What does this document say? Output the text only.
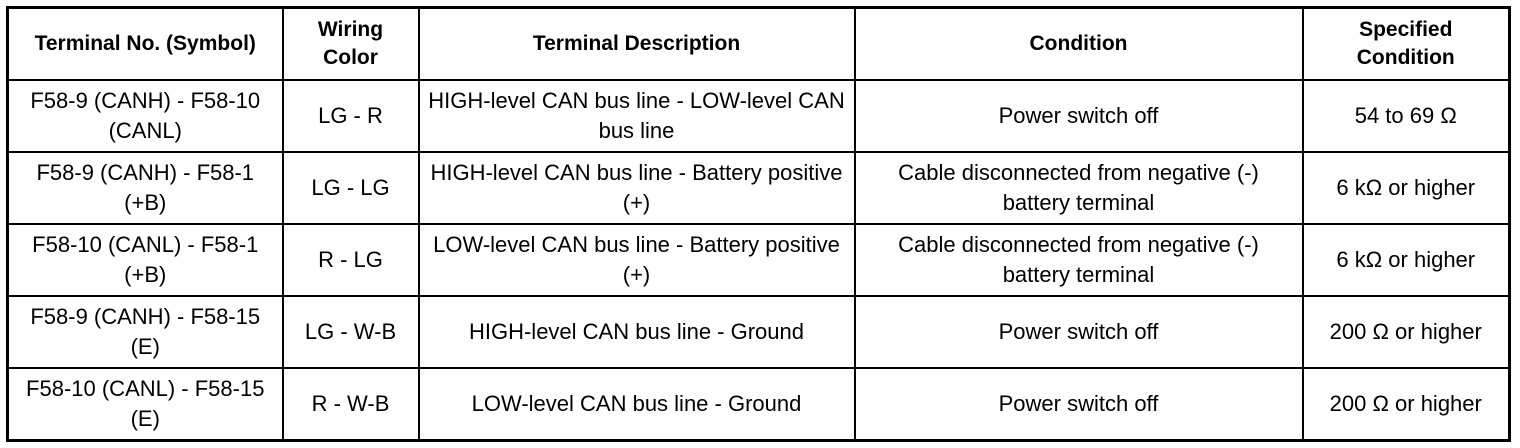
Terminal No. (Symbol)	Wiring Color	Terminal Description	Condition	Specified Condition
F58-9 (CANH) - F58-10 (CANL)	LG - R	HIGH-level CAN bus line - LOW-level CAN bus line	Power switch off	54 to 69 Ω
F58-9 (CANH) - F58-1 (+B)	LG - LG	HIGH-level CAN bus line - Battery positive (+)	Cable disconnected from negative (-) battery terminal	6 kΩ or higher
F58-10 (CANL) - F58-1 (+B)	R - LG	LOW-level CAN bus line - Battery positive (+)	Cable disconnected from negative (-) battery terminal	6 kΩ or higher
F58-9 (CANH) - F58-15 (E)	LG - W-B	HIGH-level CAN bus line - Ground	Power switch off	200 Ω or higher
F58-10 (CANL) - F58-15 (E)	R - W-B	LOW-level CAN bus line - Ground	Power switch off	200 Ω or higher
